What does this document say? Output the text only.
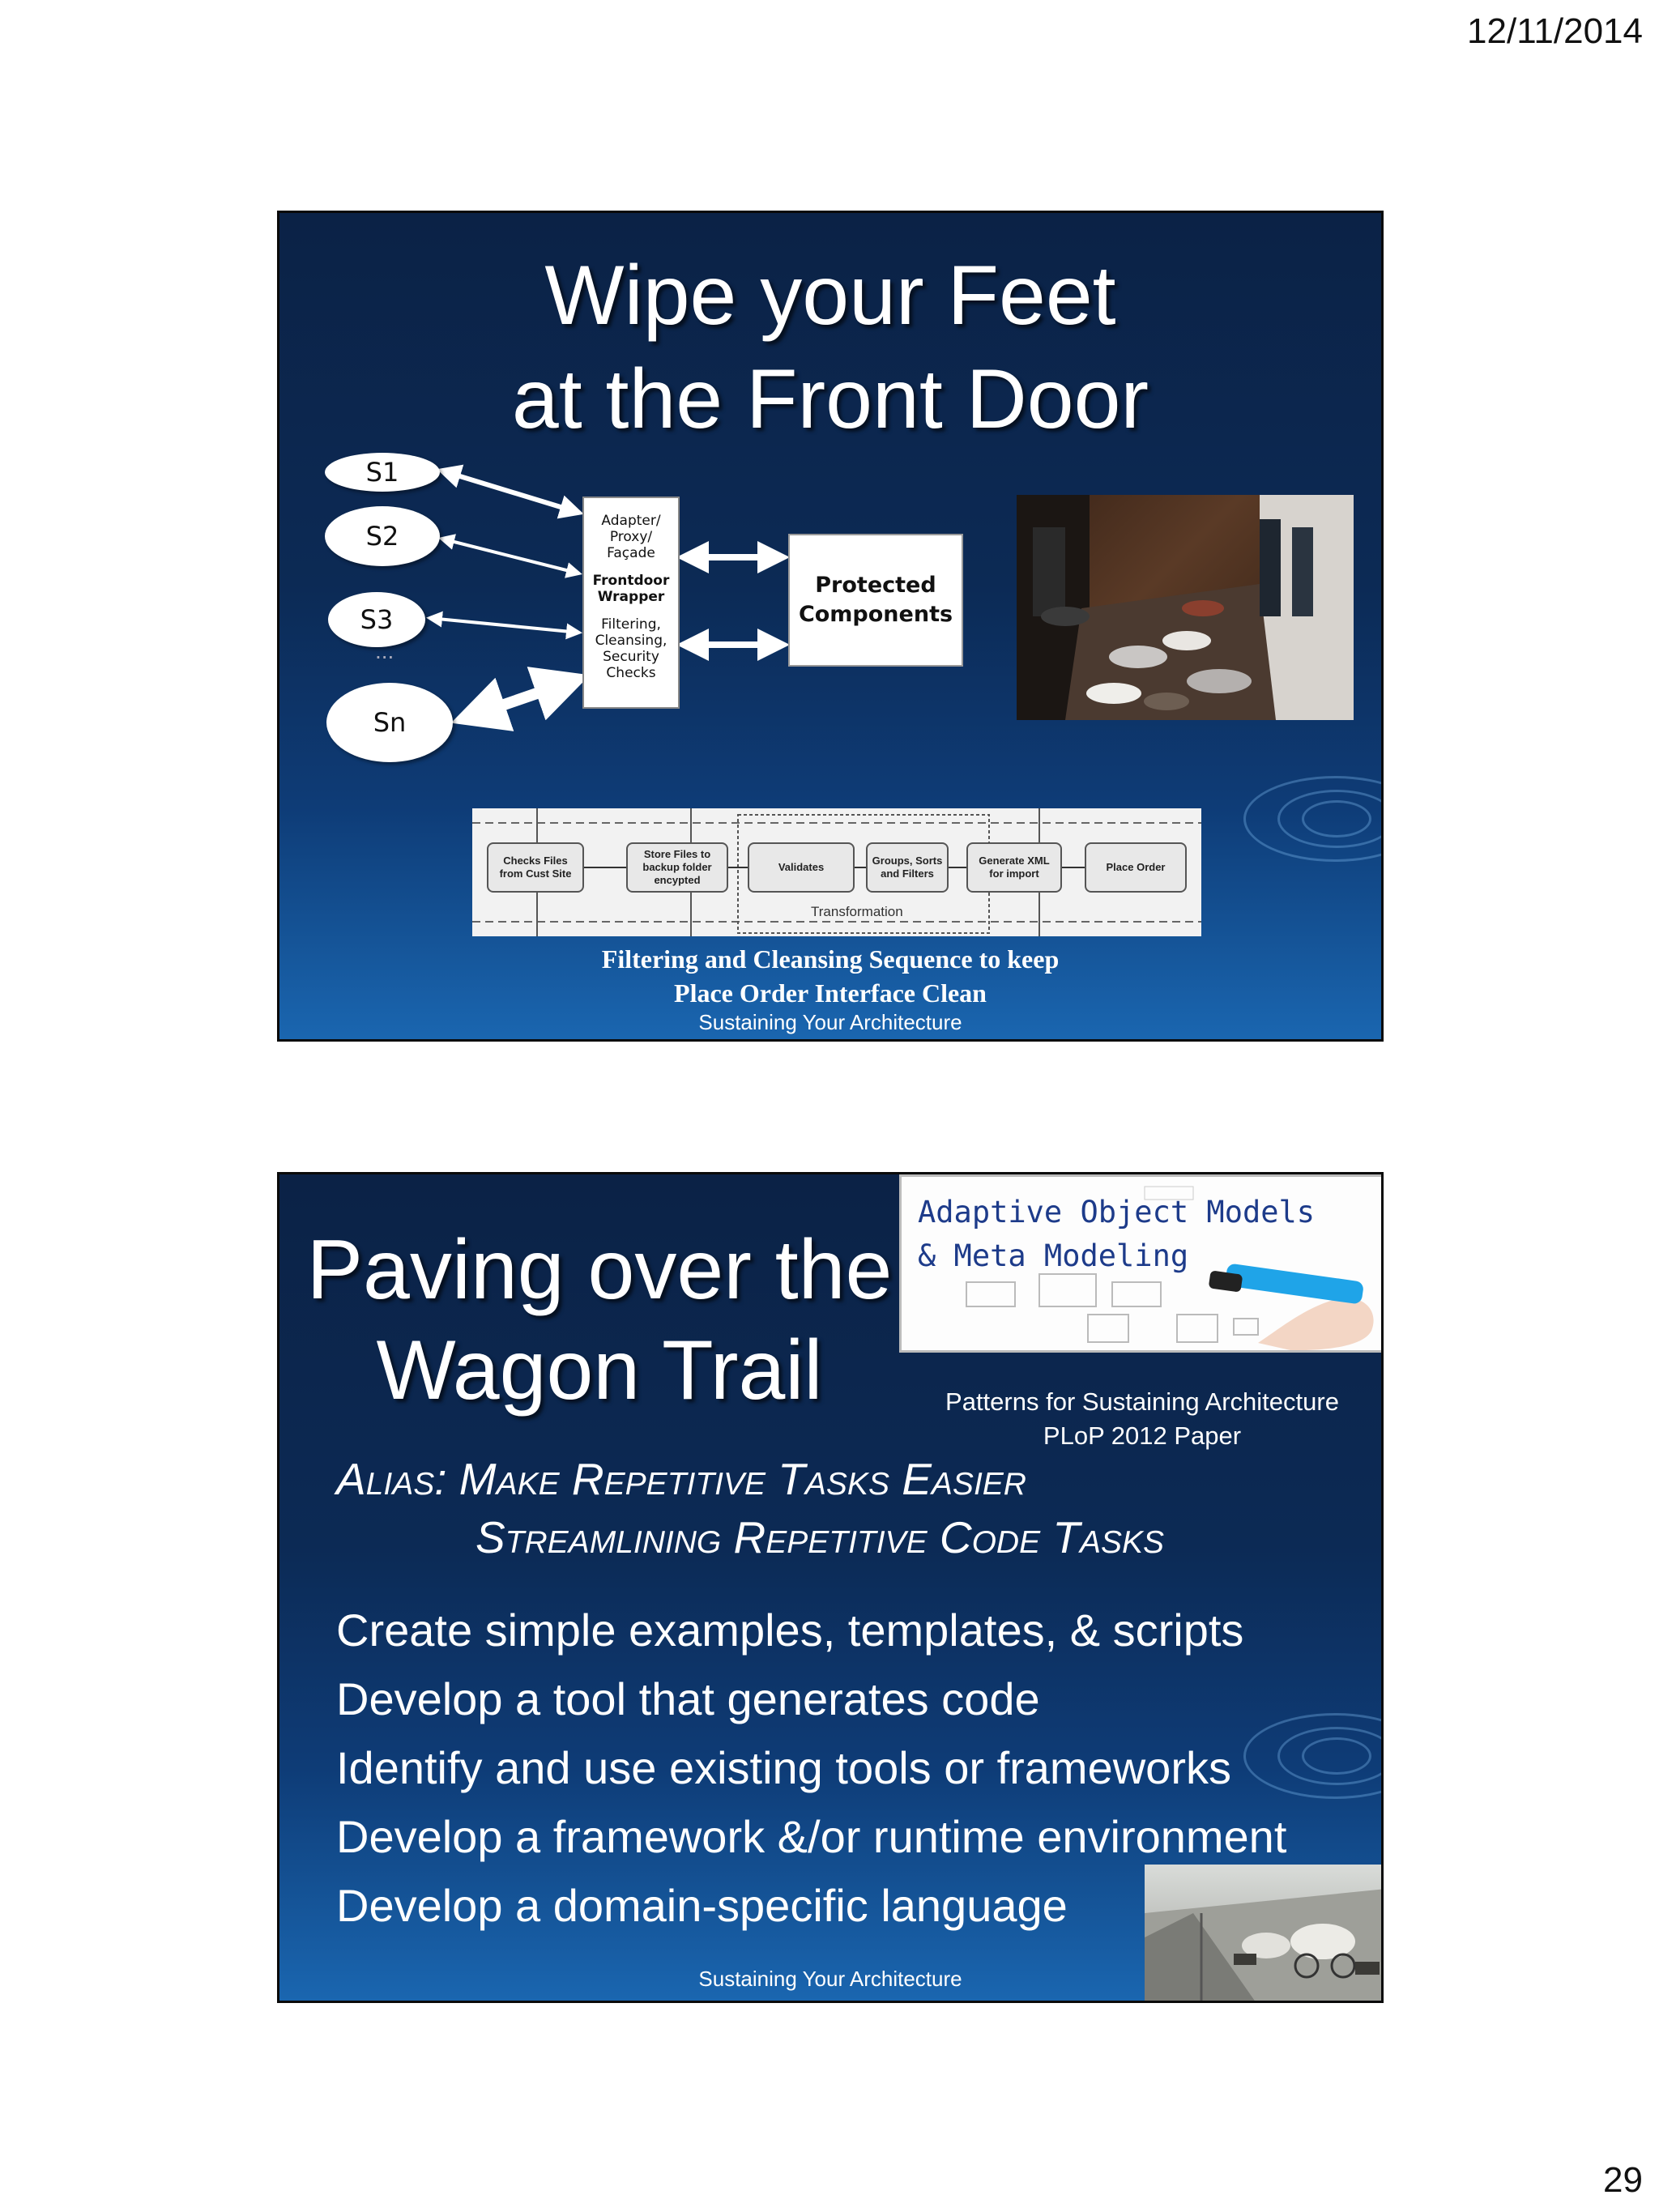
12/11/2014
Wipe your Feet
at the Front Door
S1
S2
S3
...
Sn
Adapter/
Proxy/
Façade
Frontdoor
Wrapper
Filtering,
Cleansing,
Security
Checks
Protected
Components
Checks Files
from Cust Site
Store Files to
backup folder
encypted
Validates
Groups, Sorts
and Filters
Generate XML
for import
Place Order
Transformation
Filtering and Cleansing Sequence to keep
Place Order Interface Clean
Sustaining Your Architecture
Paving over the
Wagon Trail
Adaptive Object Models
& Meta Modeling
Patterns for Sustaining Architecture
PLoP 2012 Paper
Alias: Make Repetitive Tasks Easier
Streamlining Repetitive Code Tasks
Create simple examples, templates, & scripts
Develop a tool that generates code
Identify and use existing tools or frameworks
Develop a framework &/or runtime environment
Develop a domain-specific language
Sustaining Your Architecture
29
